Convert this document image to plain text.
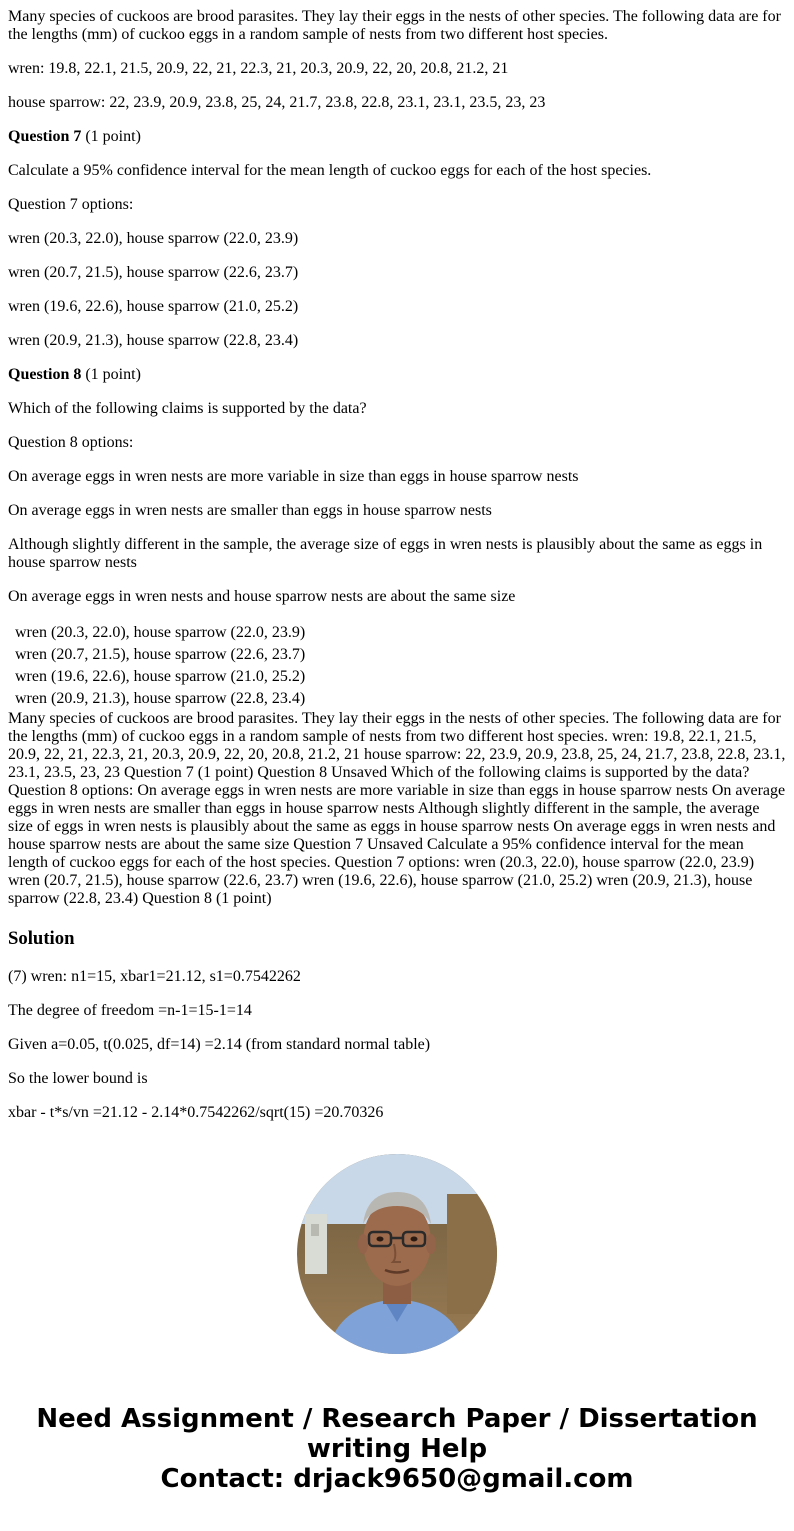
Many species of cuckoos are brood parasites. They lay their eggs in the nests of other species. The following data are for the lengths (mm) of cuckoo eggs in a random sample of nests from two different host species.

wren: 19.8, 22.1, 21.5, 20.9, 22, 21, 22.3, 21, 20.3, 20.9, 22, 20, 20.8, 21.2, 21

house sparrow: 22, 23.9, 20.9, 23.8, 25, 24, 21.7, 23.8, 22.8, 23.1, 23.1, 23.5, 23, 23

Question 7 (1 point)

Calculate a 95% confidence interval for the mean length of cuckoo eggs for each of the host species.

Question 7 options:

wren (20.3, 22.0), house sparrow (22.0, 23.9)

wren (20.7, 21.5), house sparrow (22.6, 23.7)

wren (19.6, 22.6), house sparrow (21.0, 25.2)

wren (20.9, 21.3), house sparrow (22.8, 23.4)

Question 8 (1 point)

Which of the following claims is supported by the data?

Question 8 options:

On average eggs in wren nests are more variable in size than eggs in house sparrow nests

On average eggs in wren nests are smaller than eggs in house sparrow nests

Although slightly different in the sample, the average size of eggs in wren nests is plausibly about the same as eggs in house sparrow nests

On average eggs in wren nests and house sparrow nests are about the same size

wren (20.3, 22.0), house sparrow (22.0, 23.9)
wren (20.7, 21.5), house sparrow (22.6, 23.7)
wren (19.6, 22.6), house sparrow (21.0, 25.2)
wren (20.9, 21.3), house sparrow (22.8, 23.4)

Many species of cuckoos are brood parasites. They lay their eggs in the nests of other species. The following data are for the lengths (mm) of cuckoo eggs in a random sample of nests from two different host species. wren: 19.8, 22.1, 21.5, 20.9, 22, 21, 22.3, 21, 20.3, 20.9, 22, 20, 20.8, 21.2, 21 house sparrow: 22, 23.9, 20.9, 23.8, 25, 24, 21.7, 23.8, 22.8, 23.1, 23.1, 23.5, 23, 23 Question 7 (1 point) Question 8 Unsaved Which of the following claims is supported by the data? Question 8 options: On average eggs in wren nests are more variable in size than eggs in house sparrow nests On average eggs in wren nests are smaller than eggs in house sparrow nests Although slightly different in the sample, the average size of eggs in wren nests is plausibly about the same as eggs in house sparrow nests On average eggs in wren nests and house sparrow nests are about the same size Question 7 Unsaved Calculate a 95% confidence interval for the mean length of cuckoo eggs for each of the host species. Question 7 options: wren (20.3, 22.0), house sparrow (22.0, 23.9) wren (20.7, 21.5), house sparrow (22.6, 23.7) wren (19.6, 22.6), house sparrow (21.0, 25.2) wren (20.9, 21.3), house sparrow (22.8, 23.4) Question 8 (1 point)

Solution

(7) wren: n1=15, xbar1=21.12, s1=0.7542262

The degree of freedom =n-1=15-1=14

Given a=0.05, t(0.025, df=14) =2.14 (from standard normal table)

So the lower bound is

xbar - t*s/vn =21.12 - 2.14*0.7542262/sqrt(15) =20.70326

Need Assignment / Research Paper / Dissertation
writing Help
Contact: drjack9650@gmail.com
